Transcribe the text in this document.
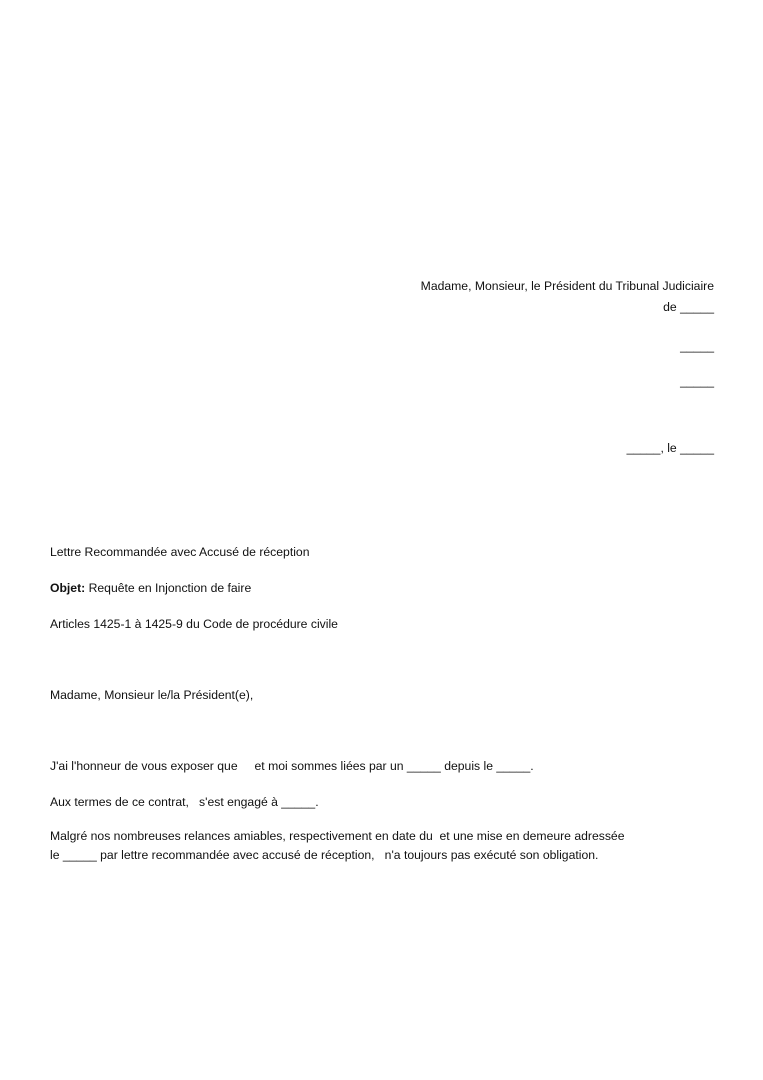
Madame, Monsieur, le Président du Tribunal Judiciaire
de _____
_____
_____
_____, le _____
Lettre Recommandée avec Accusé de réception
Objet: Requête en Injonction de faire
Articles 1425-1 à 1425-9 du Code de procédure civile
Madame, Monsieur le/la Président(e),
J'ai l'honneur de vous exposer que     et moi sommes liées par un _____ depuis le _____.
Aux termes de ce contrat,   s'est engagé à _____.
Malgré nos nombreuses relances amiables, respectivement en date du  et une mise en demeure adressée
le _____ par lettre recommandée avec accusé de réception,   n'a toujours pas exécuté son obligation.
